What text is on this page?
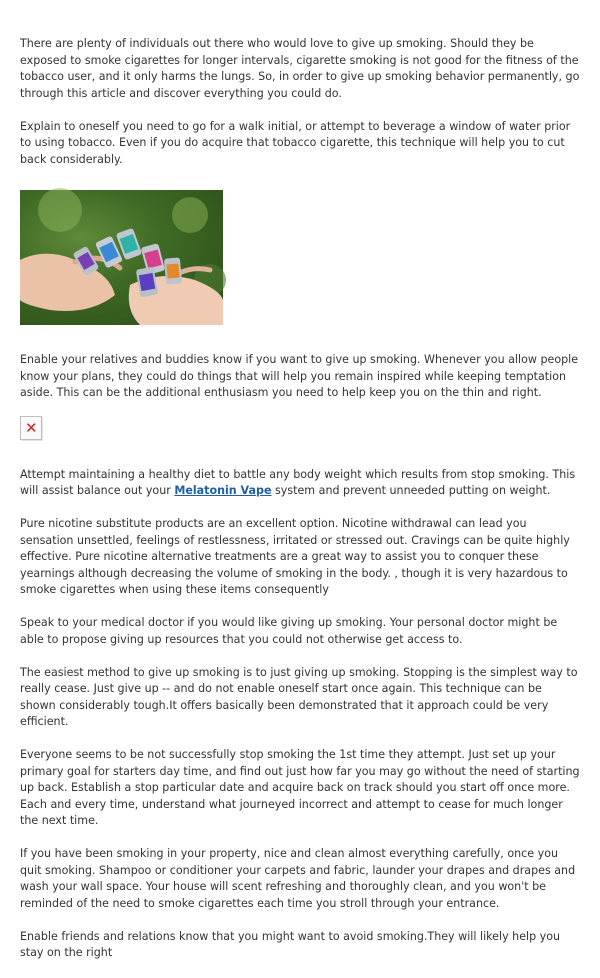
There are plenty of individuals out there who would love to give up smoking. Should they be exposed to smoke cigarettes for longer intervals, cigarette smoking is not good for the fitness of the tobacco user, and it only harms the lungs. So, in order to give up smoking behavior permanently, go through this article and discover everything you could do.

Explain to oneself you need to go for a walk initial, or attempt to beverage a window of water prior to using tobacco. Even if you do acquire that tobacco cigarette, this technique will help you to cut back considerably.

Enable your relatives and buddies know if you want to give up smoking. Whenever you allow people know your plans, they could do things that will help you remain inspired while keeping temptation aside. This can be the additional enthusiasm you need to help keep you on the thin and right.

✕

Attempt maintaining a healthy diet to battle any body weight which results from stop smoking. This will assist balance out your Melatonin Vape system and prevent unneeded putting on weight.

Pure nicotine substitute products are an excellent option. Nicotine withdrawal can lead you sensation unsettled, feelings of restlessness, irritated or stressed out. Cravings can be quite highly effective. Pure nicotine alternative treatments are a great way to assist you to conquer these yearnings although decreasing the volume of smoking in the body. , though it is very hazardous to smoke cigarettes when using these items consequently

Speak to your medical doctor if you would like giving up smoking. Your personal doctor might be able to propose giving up resources that you could not otherwise get access to.

The easiest method to give up smoking is to just giving up smoking. Stopping is the simplest way to really cease. Just give up -- and do not enable oneself start once again. This technique can be shown considerably tough.It offers basically been demonstrated that it approach could be very efficient.

Everyone seems to be not successfully stop smoking the 1st time they attempt. Just set up your primary goal for starters day time, and find out just how far you may go without the need of starting up back. Establish a stop particular date and acquire back on track should you start off once more. Each and every time, understand what journeyed incorrect and attempt to cease for much longer the next time.

If you have been smoking in your property, nice and clean almost everything carefully, once you quit smoking. Shampoo or conditioner your carpets and fabric, launder your drapes and drapes and wash your wall space. Your house will scent refreshing and thoroughly clean, and you won't be reminded of the need to smoke cigarettes each time you stroll through your entrance.

Enable friends and relations know that you might want to avoid smoking.They will likely help you stay on the right
